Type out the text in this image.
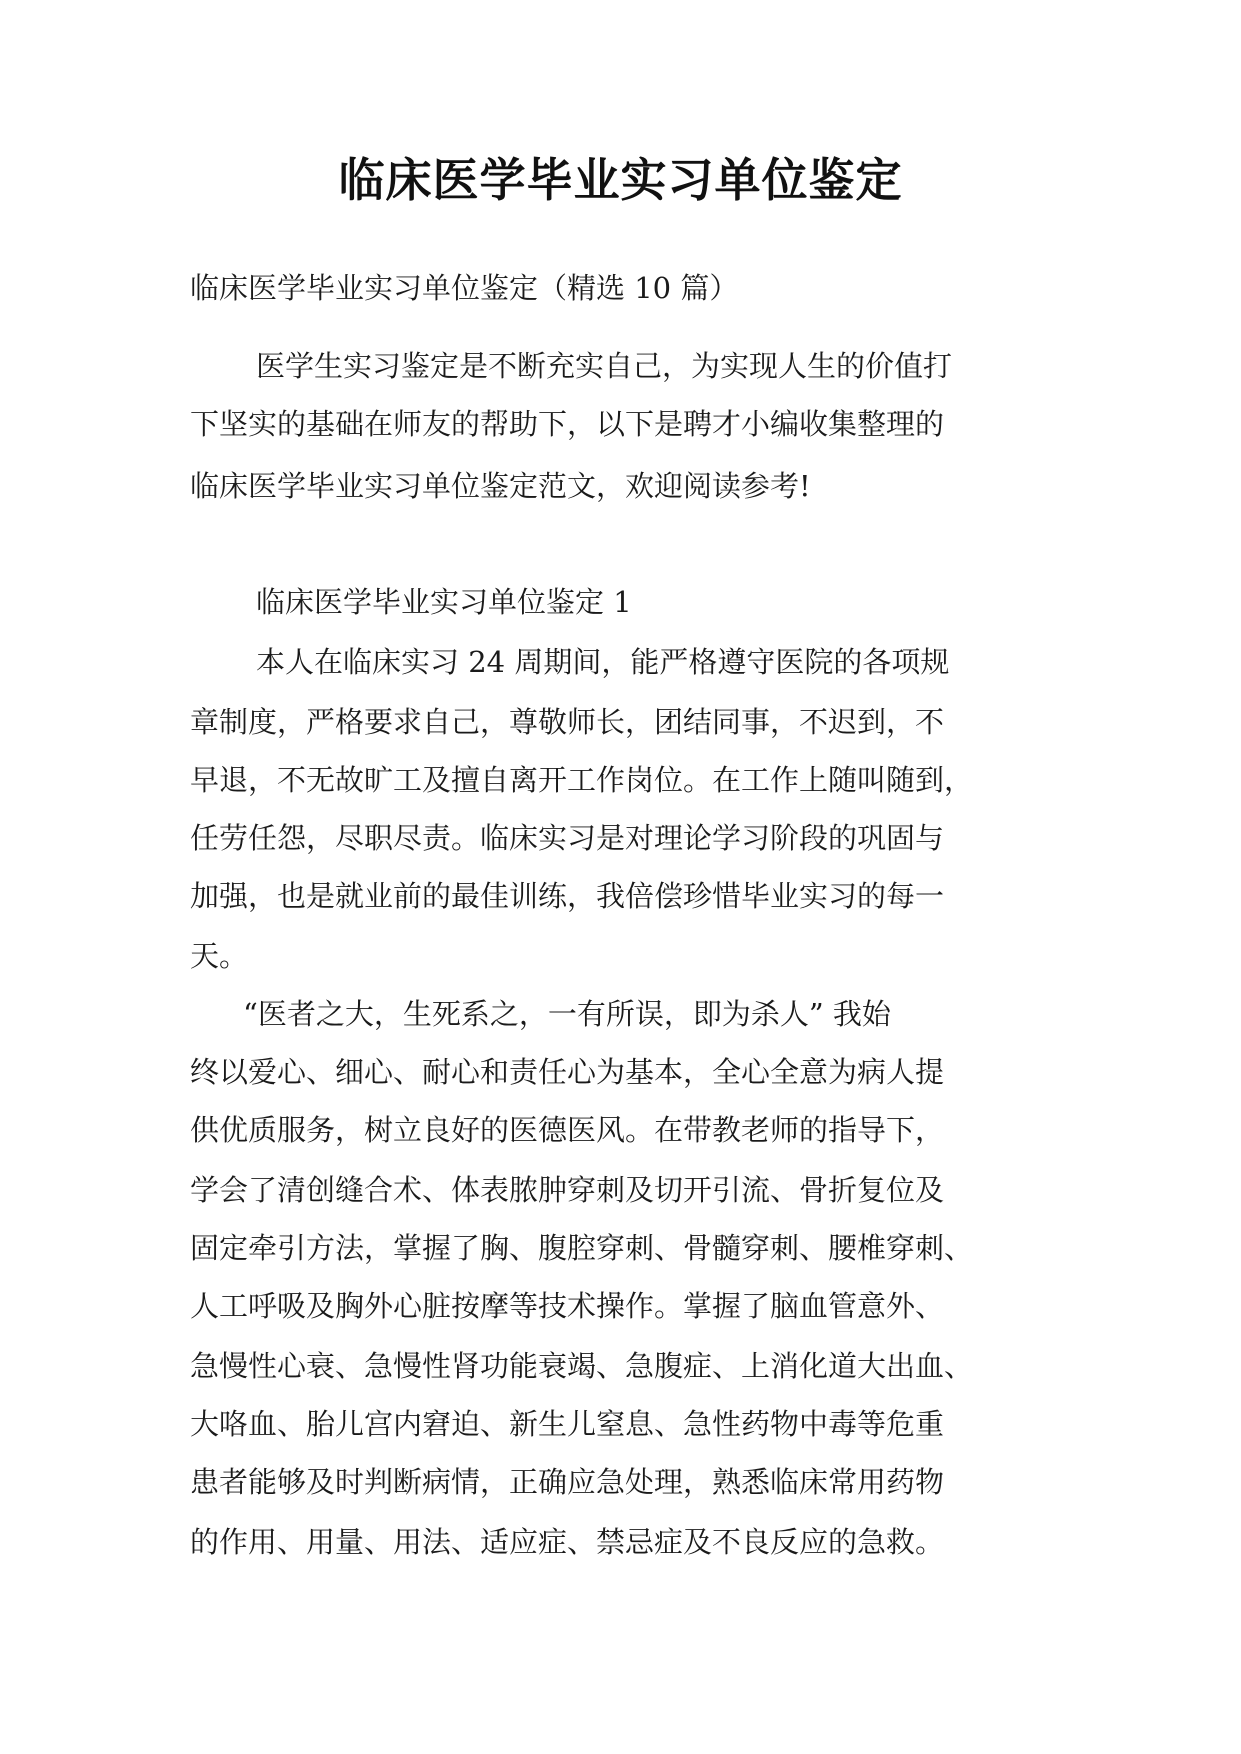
临床医学毕业实习单位鉴定
临床医学毕业实习单位鉴定（精选 10 篇）
医学生实习鉴定是不断充实自己，为实现人生的价值打
下坚实的基础在师友的帮助下，以下是聘才小编收集整理的
临床医学毕业实习单位鉴定范文，欢迎阅读参考!
临床医学毕业实习单位鉴定 1
本人在临床实习 24 周期间，能严格遵守医院的各项规
章制度，严格要求自己，尊敬师长，团结同事，不迟到，不
早退，不无故旷工及擅自离开工作岗位。在工作上随叫随到，
任劳任怨，尽职尽责。临床实习是对理论学习阶段的巩固与
加强，也是就业前的最佳训练，我倍偿珍惜毕业实习的每一
天。
“医者之大，生死系之，一有所误，即为杀人” 我始
终以爱心、细心、耐心和责任心为基本，全心全意为病人提
供优质服务，树立良好的医德医风。在带教老师的指导下，
学会了清创缝合术、体表脓肿穿刺及切开引流、骨折复位及
固定牵引方法，掌握了胸、腹腔穿刺、骨髓穿刺、腰椎穿刺、
人工呼吸及胸外心脏按摩等技术操作。掌握了脑血管意外、
急慢性心衰、急慢性肾功能衰竭、急腹症、上消化道大出血、
大咯血、胎儿宫内窘迫、新生儿窒息、急性药物中毒等危重
患者能够及时判断病情，正确应急处理，熟悉临床常用药物
的作用、用量、用法、适应症、禁忌症及不良反应的急救。
